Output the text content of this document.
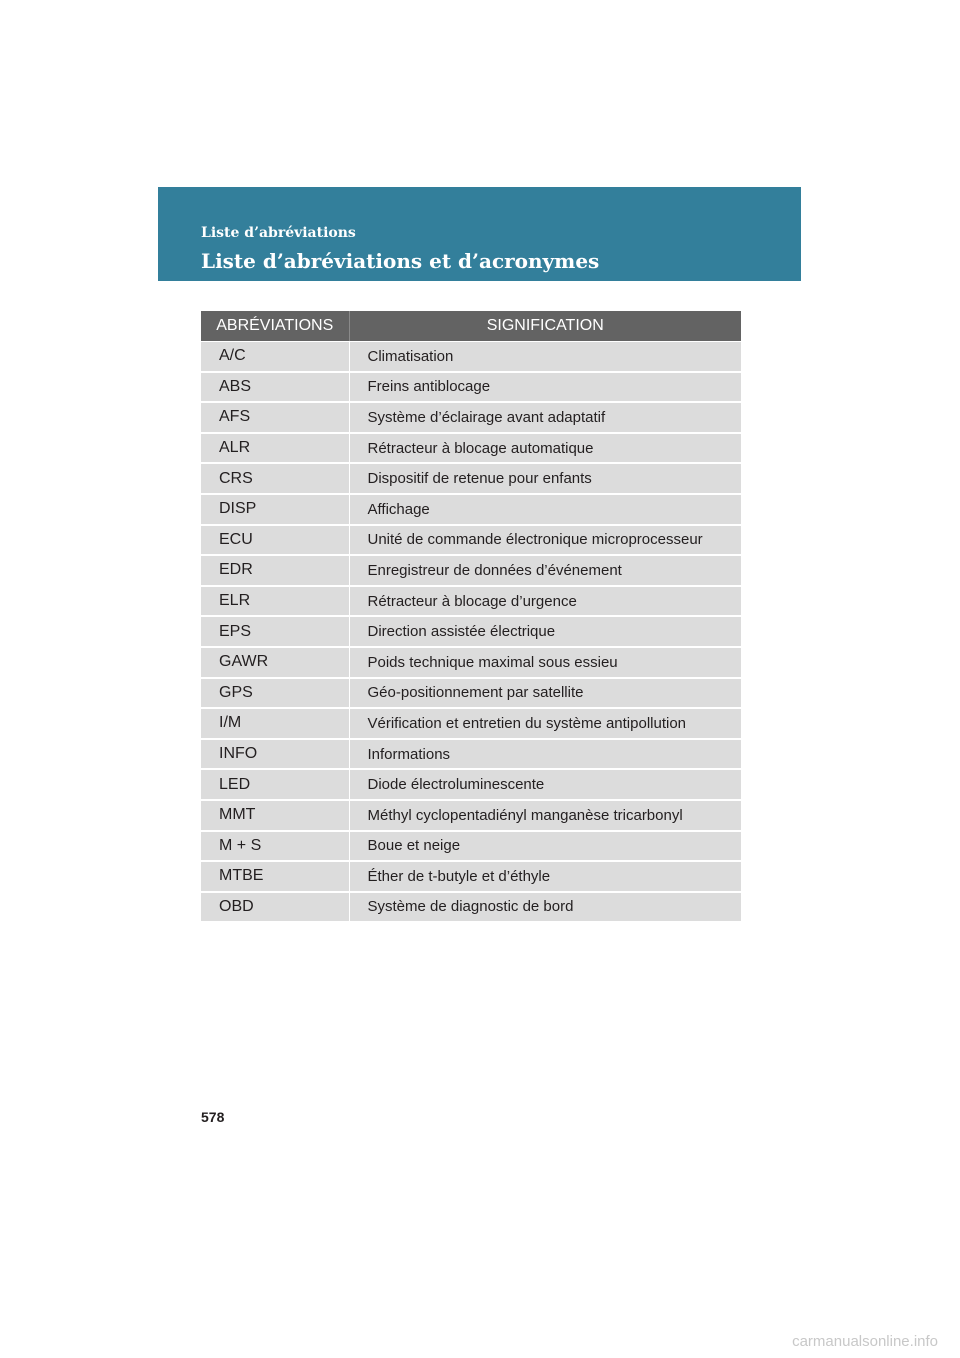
Liste d’abréviations
Liste d’abréviations et d’acronymes
ABRÉVIATIONS	SIGNIFICATION
A/C	Climatisation
ABS	Freins antiblocage
AFS	Système d’éclairage avant adaptatif
ALR	Rétracteur à blocage automatique
CRS	Dispositif de retenue pour enfants
DISP	Affichage
ECU	Unité de commande électronique microprocesseur
EDR	Enregistreur de données d’événement
ELR	Rétracteur à blocage d’urgence
EPS	Direction assistée électrique
GAWR	Poids technique maximal sous essieu
GPS	Géo-positionnement par satellite
I/M	Vérification et entretien du système antipollution
INFO	Informations
LED	Diode électroluminescente
MMT	Méthyl cyclopentadiényl manganèse tricarbonyl
M + S	Boue et neige
MTBE	Éther de t-butyle et d’éthyle
OBD	Système de diagnostic de bord
578
carmanualsonline.info
